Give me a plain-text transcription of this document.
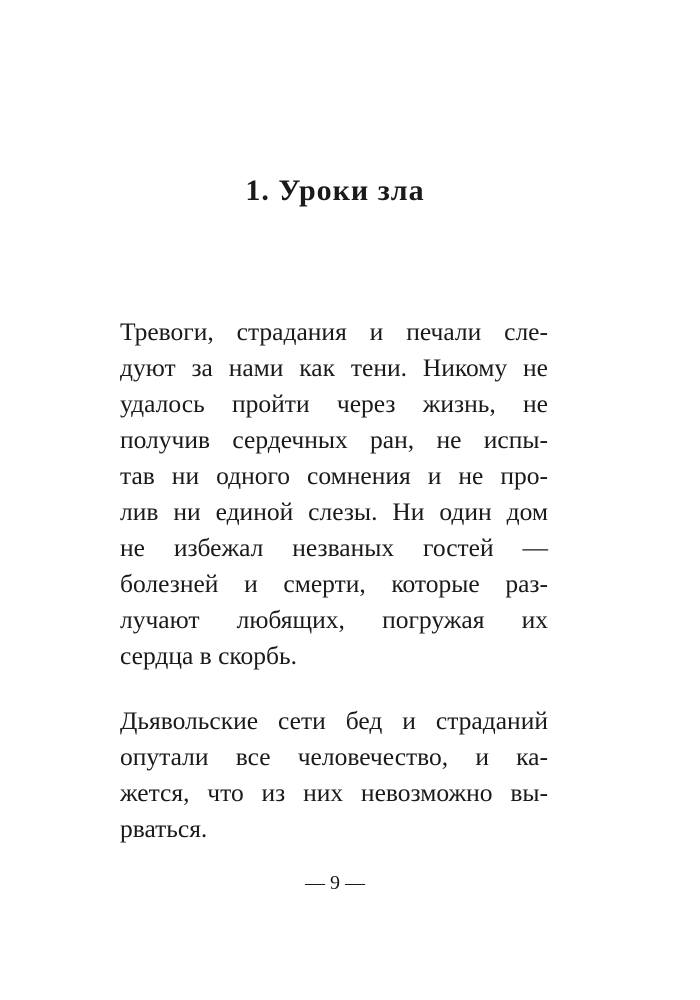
1. Уроки зла

Тревоги, страдания и печали сле-
дуют за нами как тени. Никому не
удалось пройти через жизнь, не
получив сердечных ран, не испы-
тав ни одного сомнения и не про-
лив ни единой слезы. Ни один дом
не избежал незваных гостей —
болезней и смерти, которые раз-
лучают любящих, погружая их
сердца в скорбь.

Дьявольские сети бед и страданий
опутали все человечество, и ка-
жется, что из них невозможно вы-
рваться.

— 9 —
